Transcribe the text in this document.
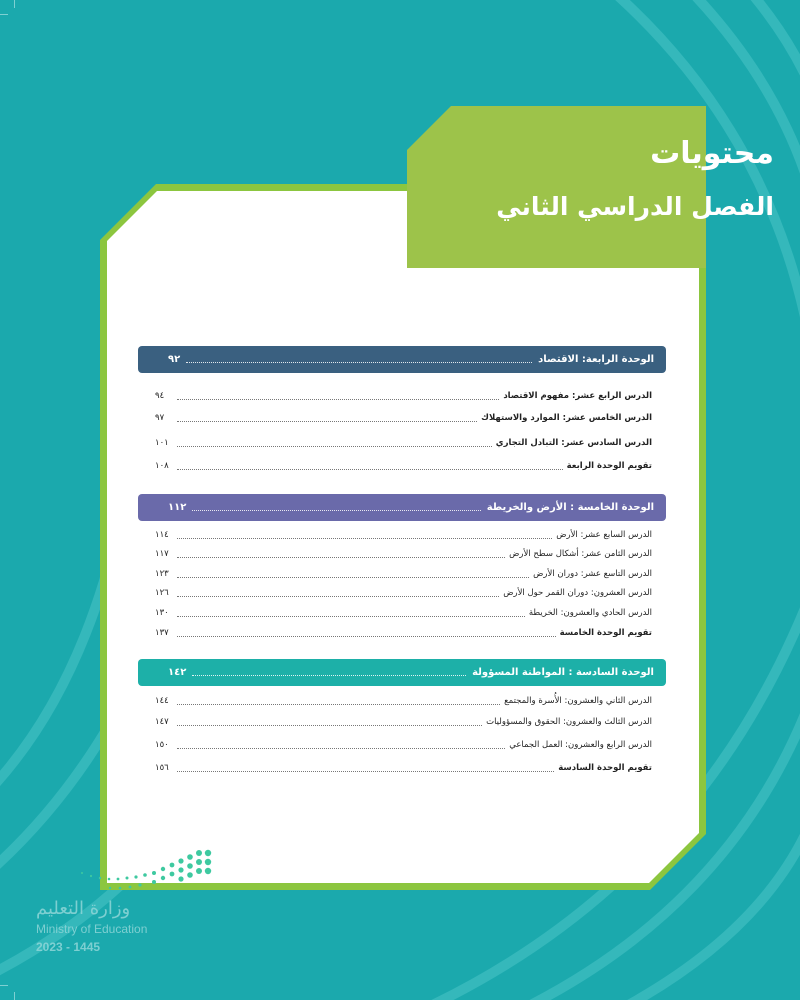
محتويات
الفصل الدراسي الثاني
الوحدة الرابعة: الاقتصاد
٩٢
الدرس الرابع عشر: مفهوم الاقتصاد
٩٤
الدرس الخامس عشر: الموارد والاستهلاك
٩٧
الدرس السادس عشر: التبادل التجاري
١٠١
تقويم الوحدة الرابعة
١٠٨
الوحدة الخامسة : الأرض والخريطة
١١٢
الدرس السابع عشر: الأرض
١١٤
الدرس الثامن عشر: أشكال سطح الأرض
١١٧
الدرس التاسع عشر: دوران الأرض
١٢٣
الدرس العشرون: دوران القمر حول الأرض
١٢٦
الدرس الحادي والعشرون: الخريطة
١٣٠
تقويم الوحدة الخامسة
١٣٧
الوحدة السادسة : المواطنة المسؤولة
١٤٢
الدرس الثاني والعشرون: الأُسرة والمجتمع
١٤٤
الدرس الثالث والعشرون: الحقوق والمسؤوليات
١٤٧
الدرس الرابع والعشرون: العمل الجماعي
١٥٠
تقويم الوحدة السادسة
١٥٦
وزارة التعليم
Ministry of Education
2023 - 1445
